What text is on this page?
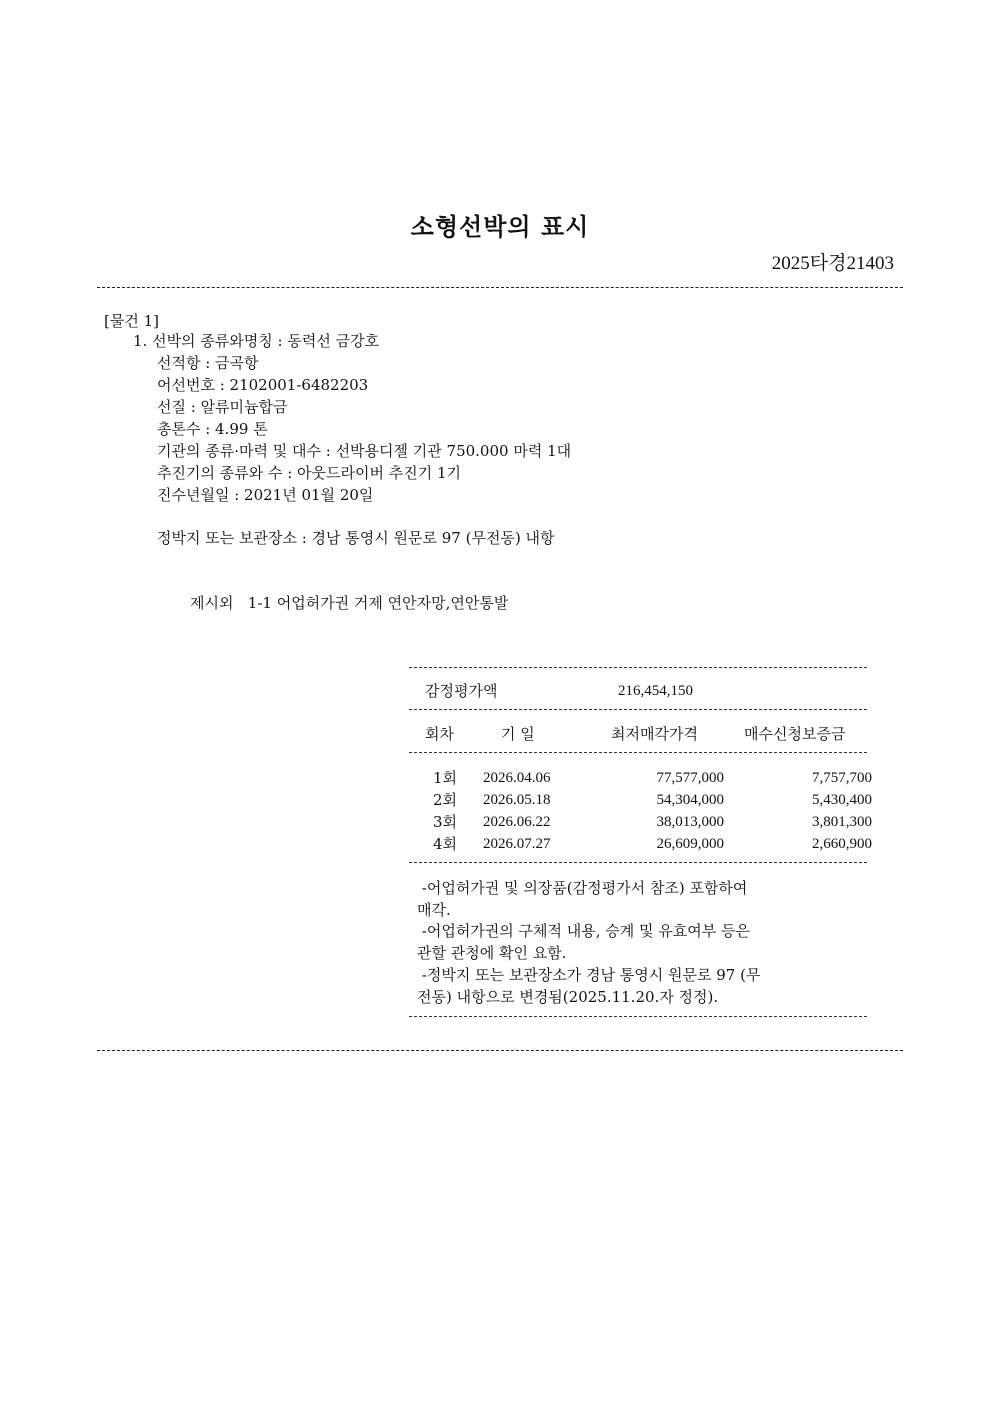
소형선박의 표시
2025타경21403
[물건 1]
1. 선박의 종류와명칭 : 동력선 금강호
선적항 : 금곡항
어선번호 : 2102001-6482203
선질 : 알류미늄합금
총톤수 : 4.99 톤
기관의 종류·마력 및 대수 : 선박용디젤 기관 750.000 마력 1대
추진기의 종류와 수 : 아웃드라이버 추진기 1기
진수년월일 : 2021년 01월 20일
정박지 또는 보관장소 : 경남 통영시 원문로 97 (무전동) 내항
제시외   1-1 어업허가권 거제 연안자망,연안통발
감정평가액	216,454,150
회차	기 일	최저매각가격	매수신청보증금
1회 2026.04.06	77,577,000	7,757,700
2회 2026.05.18	54,304,000	5,430,400
3회 2026.06.22	38,013,000	3,801,300
4회 2026.07.27	26,609,000	2,660,900
-어업허가권 및 의장품(감정평가서 참조) 포함하여
매각.
-어업허가권의 구체적 내용, 승계 및 유효여부 등은
관할 관청에 확인 요함.
-정박지 또는 보관장소가 경남 통영시 원문로 97 (무
전동) 내항으로 변경됨(2025.11.20.자 정정).
